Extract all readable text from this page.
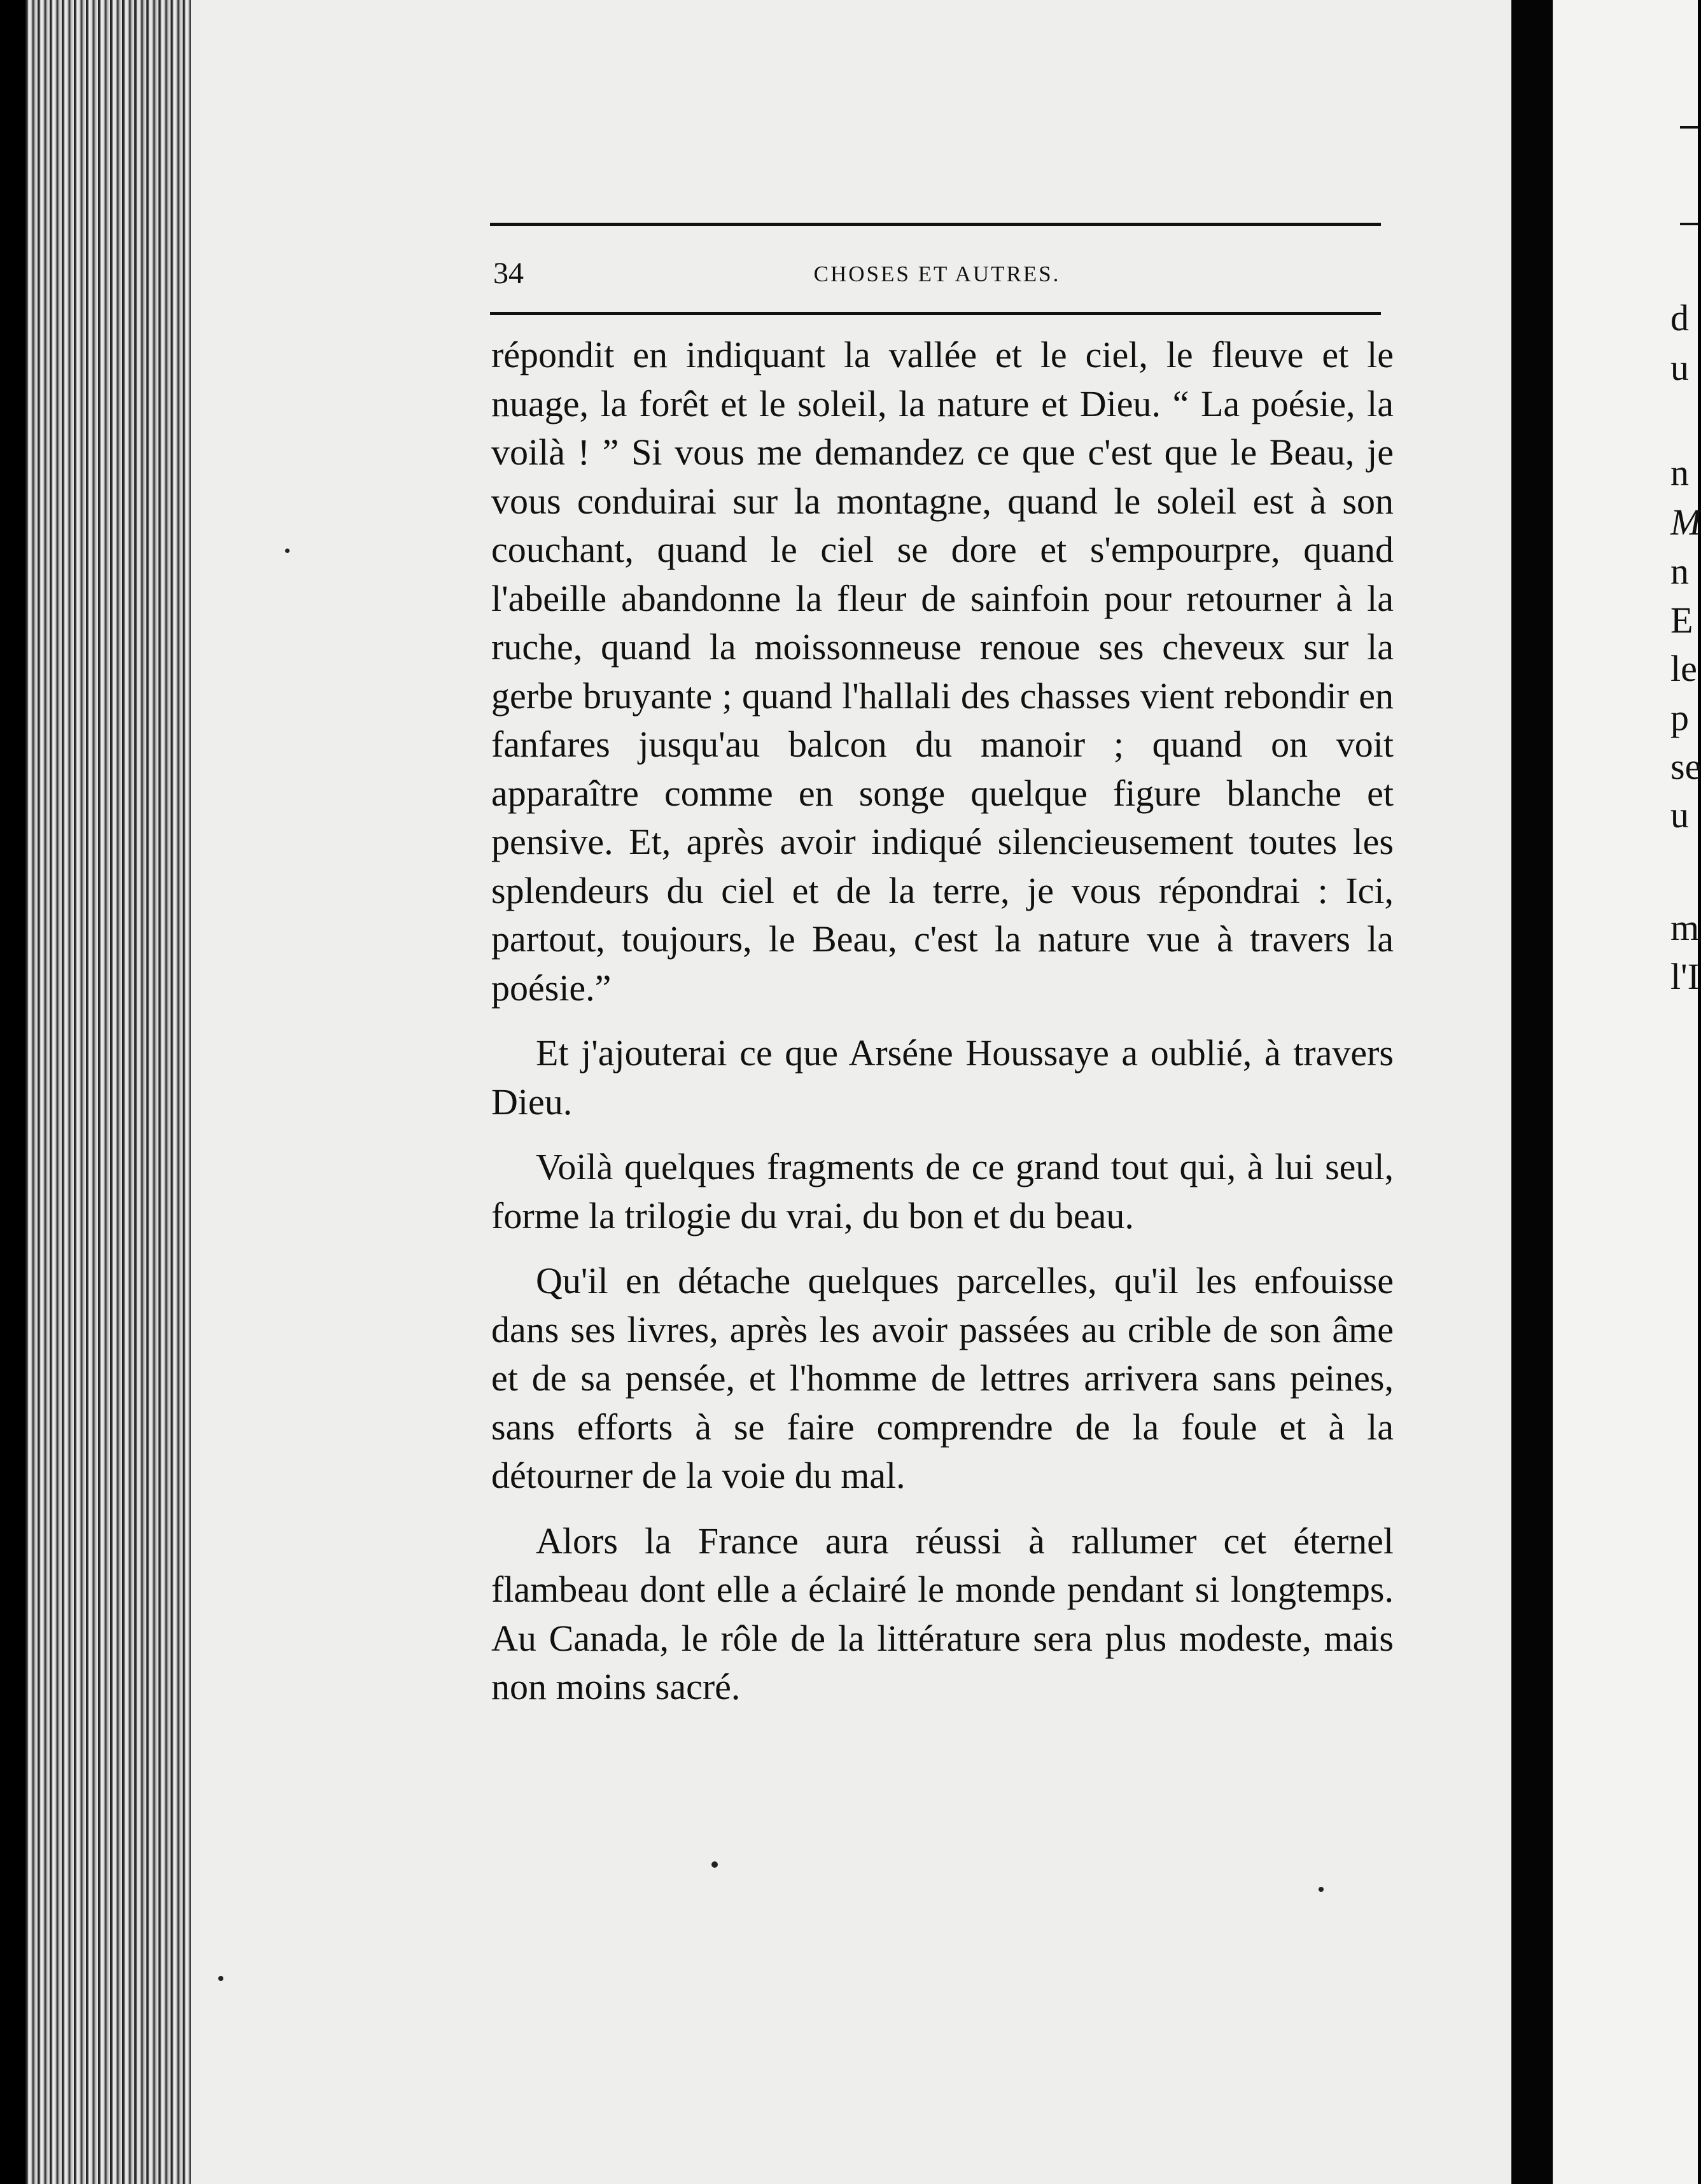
34	CHOSES ET AUTRES.

répondit en indiquant la vallée et le ciel, le fleuve et le nuage, la forêt et le soleil, la nature et Dieu. “ La poésie, la voilà ! ” Si vous me demandez ce que c'est que le Beau, je vous conduirai sur la montagne, quand le soleil est à son couchant, quand le ciel se dore et s'empourpre, quand l'abeille abandonne la fleur de sainfoin pour retourner à la ruche, quand la moissonneuse renoue ses cheveux sur la gerbe bruyante ; quand l'hallali des chasses vient rebondir en fanfares jusqu'au balcon du manoir ; quand on voit apparaître comme en songe quelque figure blanche et pensive. Et, après avoir indiqué silencieusement toutes les splendeurs du ciel et de la terre, je vous répondrai : Ici, partout, toujours, le Beau, c'est la nature vue à travers la poésie.”

Et j'ajouterai ce que Arséne Houssaye a oublié, à travers Dieu.

Voilà quelques fragments de ce grand tout qui, à lui seul, forme la trilogie du vrai, du bon et du beau.

Qu'il en détache quelques parcelles, qu'il les enfouisse dans ses livres, après les avoir passées au crible de son âme et de sa pensée, et l'homme de lettres arrivera sans peines, sans efforts à se faire comprendre de la foule et à la détourner de la voie du mal.

Alors la France aura réussi à rallumer cet éternel flambeau dont elle a éclairé le monde pendant si longtemps. Au Canada, le rôle de la littérature sera plus modeste, mais non moins sacré.

d
u
n
M
n
E
le
p
se
u
m
l'I
